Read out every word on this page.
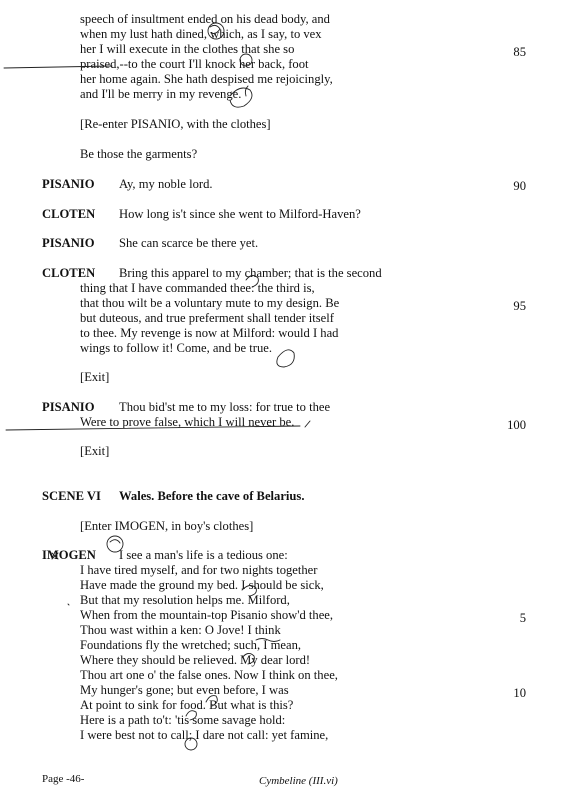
speech of insultment ended on his dead body, and
when my lust hath dined, which, as I say, to vex
her I will execute in the clothes that she so
praised,--to the court I'll knock her back, foot
her home again. She hath despised me rejoicingly,
and I'll be merry in my revenge.
85
[Re-enter PISANIO, with the clothes]
Be those the garments?
PISANIO Ay, my noble lord.	90
CLOTEN How long is't since she went to Milford-Haven?
PISANIO She can scarce be there yet.
CLOTEN Bring this apparel to my chamber; that is the second
thing that I have commanded thee: the third is,
that thou wilt be a voluntary mute to my design. Be
but duteous, and true preferment shall tender itself
to thee. My revenge is now at Milford: would I had
wings to follow it! Come, and be true.
95
[Exit]
PISANIO Thou bid'st me to my loss: for true to thee
Were to prove false, which I will never be.	100
[Exit]
SCENE VI Wales. Before the cave of Belarius.
[Enter IMOGEN, in boy's clothes]
IMOGEN I see a man's life is a tedious one:
I have tired myself, and for two nights together
Have made the ground my bed. I should be sick,
But that my resolution helps me. Milford,
When from the mountain-top Pisanio show'd thee,
Thou wast within a ken: O Jove! I think
Foundations fly the wretched; such, I mean,
Where they should be relieved. My dear lord!
Thou art one o' the false ones. Now I think on thee,
My hunger's gone; but even before, I was
At point to sink for food. But what is this?
Here is a path to't: 'tis some savage hold:
I were best not to call; I dare not call: yet famine,
5
10
Page -46-	Cymbeline (III.vi)
